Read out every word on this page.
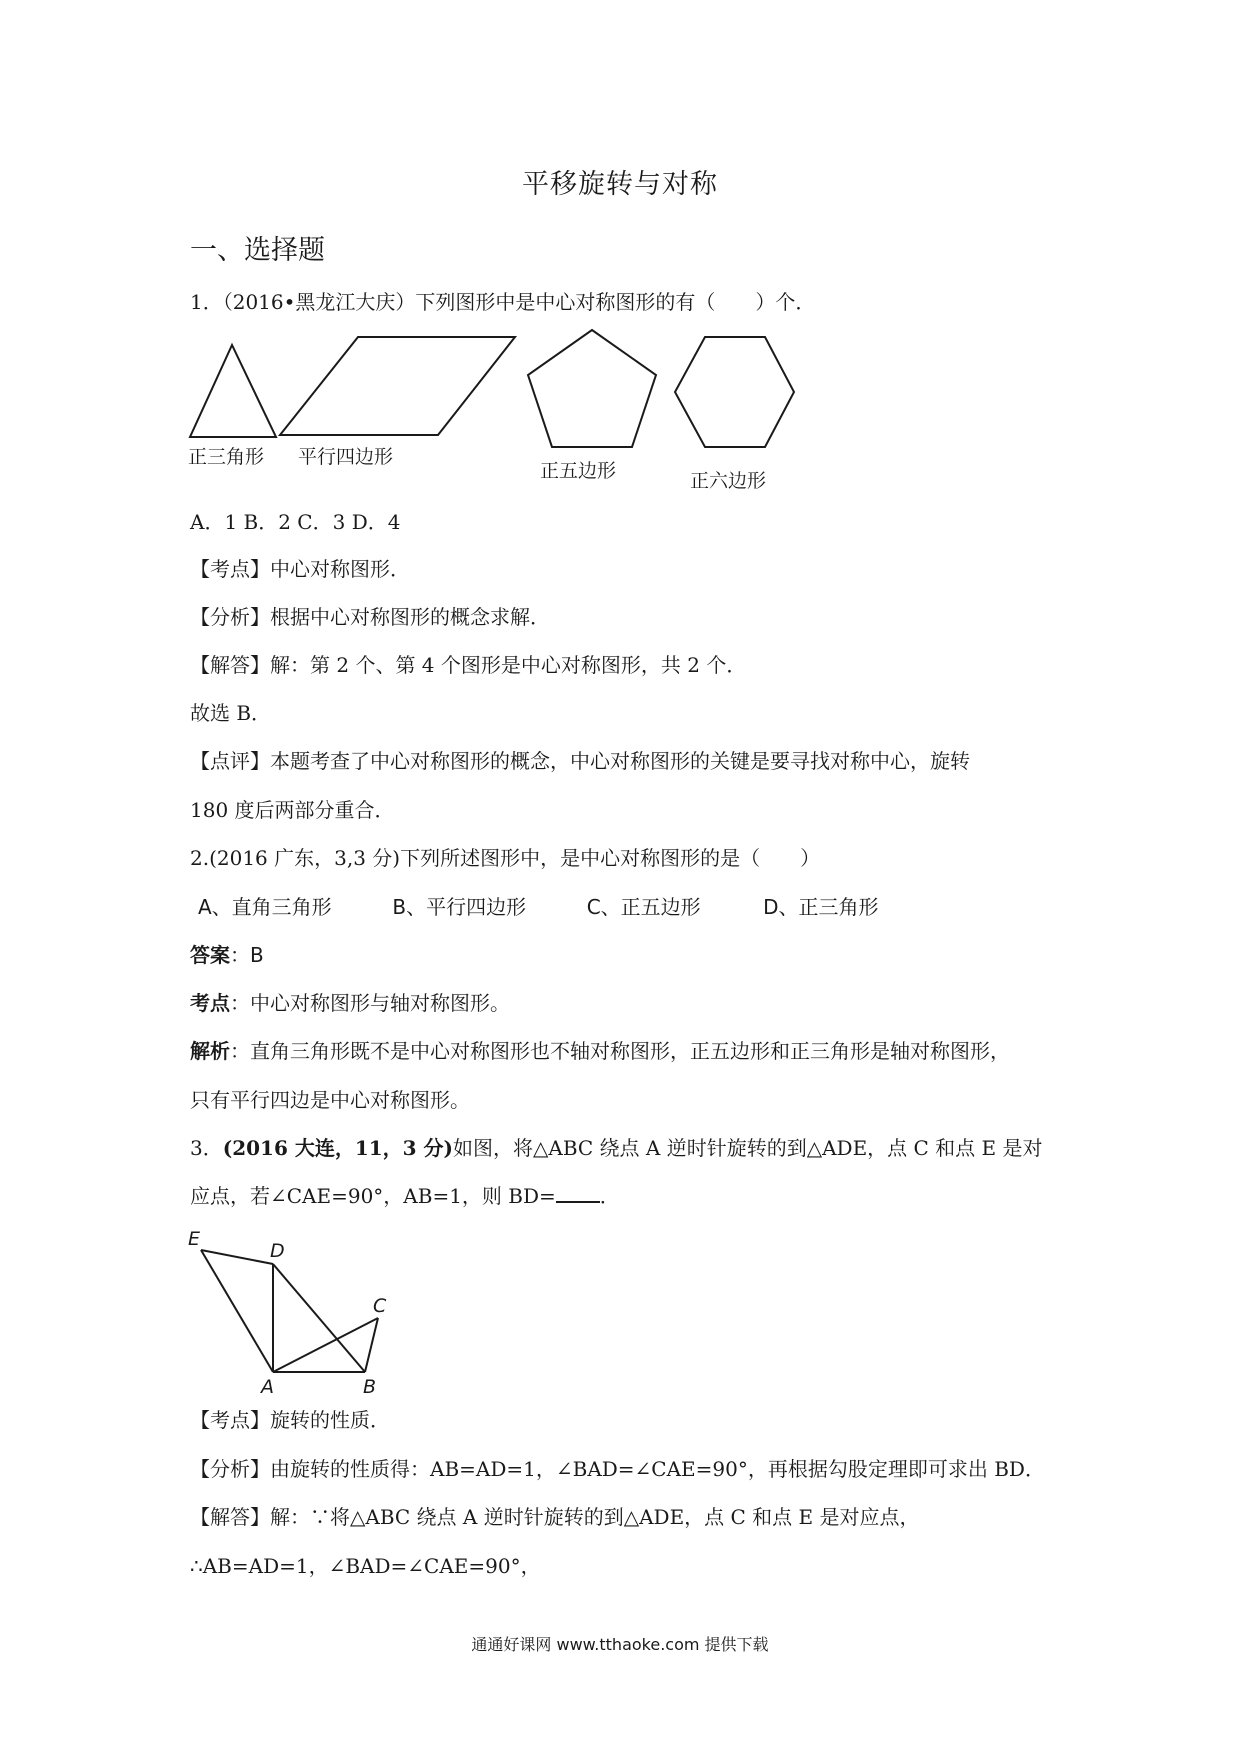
平移旋转与对称
一、选择题
1．（2016•黑龙江大庆）下列图形中是中心对称图形的有（　　）个．
正三角形 平行四边形
正五边形	正六边形
A．1 B．2 C．3 D．4
【考点】中心对称图形．
【分析】根据中心对称图形的概念求解．
【解答】解：第 2 个、第 4 个图形是中心对称图形，共 2 个．
故选 B．
【点评】本题考查了中心对称图形的概念，中心对称图形的关键是要寻找对称中心，旋转
180 度后两部分重合．
2.(2016 广东，3,3 分)下列所述图形中，是中心对称图形的是（　　）
A、直角三角形	B、平行四边形	C、正五边形	D、正三角形
答案：B
考点：中心对称图形与轴对称图形。
解析：直角三角形既不是中心对称图形也不轴对称图形，正五边形和正三角形是轴对称图形，
只有平行四边是中心对称图形。
3．(2016 大连，11，3 分)如图，将△ABC 绕点 A 逆时针旋转的到△ADE，点 C 和点 E 是对
应点，若∠CAE=90°，AB=1，则 BD= ．
E
D
C
A	B
【考点】旋转的性质．
【分析】由旋转的性质得：AB=AD=1，∠BAD=∠CAE=90°，再根据勾股定理即可求出 BD．
【解答】解：∵将△ABC 绕点 A 逆时针旋转的到△ADE，点 C 和点 E 是对应点，
∴AB=AD=1，∠BAD=∠CAE=90°，
通通好课网 www.tthaoke.com 提供下载
